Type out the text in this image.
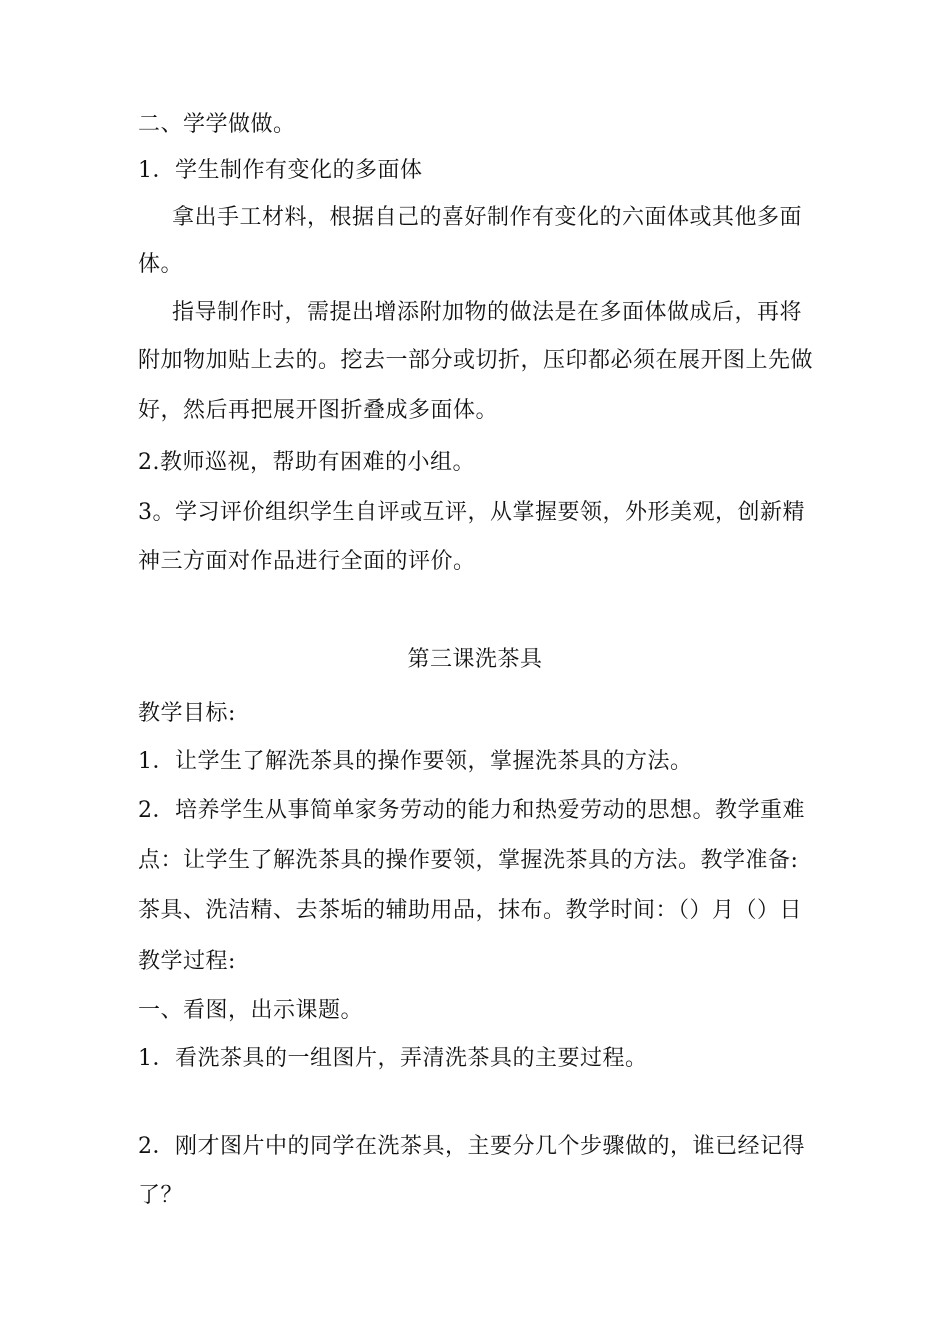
二、学学做做。
1．学生制作有变化的多面体
拿出手工材料，根据自己的喜好制作有变化的六面体或其他多面
体。
指导制作时，需提出增添附加物的做法是在多面体做成后，再将
附加物加贴上去的。挖去一部分或切折，压印都必须在展开图上先做
好，然后再把展开图折叠成多面体。
2.教师巡视，帮助有困难的小组。
3。学习评价组织学生自评或互评，从掌握要领，外形美观，创新精
神三方面对作品进行全面的评价。
第三课洗茶具
教学目标:
1．让学生了解洗茶具的操作要领，掌握洗茶具的方法。
2．培养学生从事简单家务劳动的能力和热爱劳动的思想。教学重难
点：让学生了解洗茶具的操作要领，掌握洗茶具的方法。教学准备:
茶具、洗洁精、去茶垢的辅助用品，抹布。教学时间：（）月（）日
教学过程:
一、看图，出示课题。
1．看洗茶具的一组图片，弄清洗茶具的主要过程。
2．刚才图片中的同学在洗茶具，主要分几个步骤做的，谁已经记得
了？
